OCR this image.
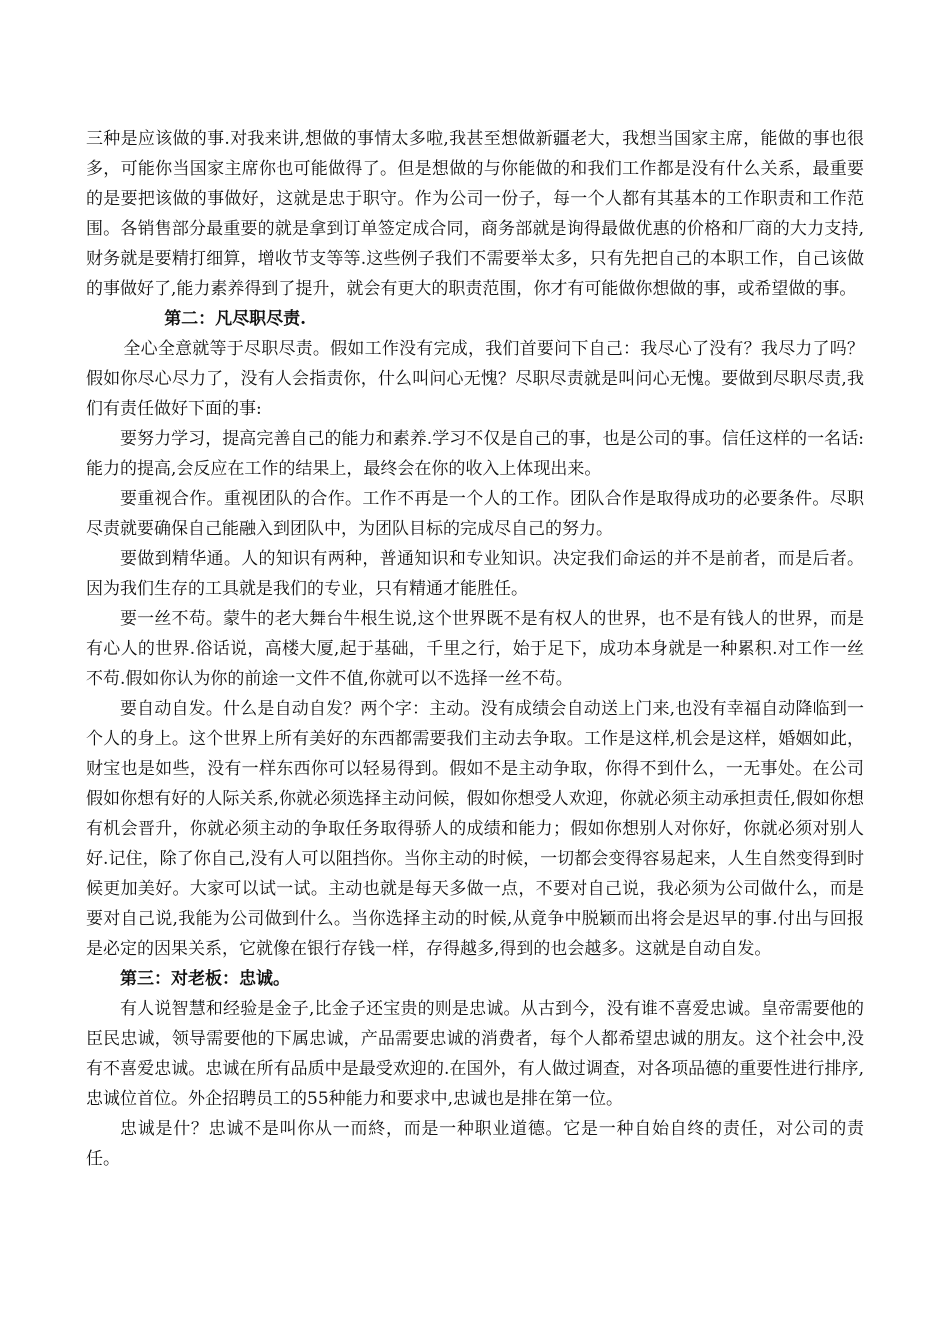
三种是应该做的事.对我来讲,想做的事情太多啦,我甚至想做新疆老大，我想当国家主席，能做的事也很多，可能你当国家主席你也可能做得了。但是想做的与你能做的和我们工作都是没有什么关系，最重要的是要把该做的事做好，这就是忠于职守。作为公司一份子，每一个人都有其基本的工作职责和工作范围。各销售部分最重要的就是拿到订单签定成合同，商务部就是询得最做优惠的价格和厂商的大力支持,财务就是要精打细算，增收节支等等.这些例子我们不需要举太多，只有先把自己的本职工作，自己该做的事做好了,能力素养得到了提升，就会有更大的职责范围，你才有可能做你想做的事，或希望做的事。

第二：凡尽职尽责.

全心全意就等于尽职尽责。假如工作没有完成，我们首要问下自己：我尽心了没有？我尽力了吗？假如你尽心尽力了，没有人会指责你，什么叫问心无愧？尽职尽责就是叫问心无愧。要做到尽职尽责,我们有责任做好下面的事:

要努力学习，提高完善自己的能力和素养.学习不仅是自己的事，也是公司的事。信任这样的一名话:能力的提高,会反应在工作的结果上，最终会在你的收入上体现出来。

要重视合作。重视团队的合作。工作不再是一个人的工作。团队合作是取得成功的必要条件。尽职尽责就要确保自己能融入到团队中，为团队目标的完成尽自己的努力。

要做到精华通。人的知识有两种，普通知识和专业知识。决定我们命运的并不是前者，而是后者。因为我们生存的工具就是我们的专业，只有精通才能胜任。

要一丝不苟。蒙牛的老大舞台牛根生说,这个世界既不是有权人的世界，也不是有钱人的世界，而是有心人的世界.俗话说，高楼大厦,起于基础，千里之行，始于足下，成功本身就是一种累积.对工作一丝不苟.假如你认为你的前途一文件不值,你就可以不选择一丝不苟。

要自动自发。什么是自动自发？两个字：主动。没有成绩会自动送上门来,也没有幸福自动降临到一个人的身上。这个世界上所有美好的东西都需要我们主动去争取。工作是这样,机会是这样，婚姻如此，财宝也是如些，没有一样东西你可以轻易得到。假如不是主动争取，你得不到什么，一无事处。在公司假如你想有好的人际关系,你就必须选择主动问候，假如你想受人欢迎，你就必须主动承担责任,假如你想有机会晋升，你就必须主动的争取任务取得骄人的成绩和能力；假如你想别人对你好，你就必须对别人好.记住，除了你自己,没有人可以阻挡你。当你主动的时候，一切都会变得容易起来，人生自然变得到时候更加美好。大家可以试一试。主动也就是每天多做一点，不要对自己说，我必须为公司做什么，而是要对自己说,我能为公司做到什么。当你选择主动的时候,从竟争中脱颖而出将会是迟早的事.付出与回报是必定的因果关系，它就像在银行存钱一样，存得越多,得到的也会越多。这就是自动自发。

第三：对老板：忠诚。

有人说智慧和经验是金子,比金子还宝贵的则是忠诚。从古到今，没有谁不喜爱忠诚。皇帝需要他的臣民忠诚，领导需要他的下属忠诚，产品需要忠诚的消费者，每个人都希望忠诚的朋友。这个社会中,没有不喜爱忠诚。忠诚在所有品质中是最受欢迎的.在国外，有人做过调查，对各项品德的重要性进行排序,忠诚位首位。外企招聘员工的55种能力和要求中,忠诚也是排在第一位。

忠诚是什？忠诚不是叫你从一而終，而是一种职业道德。它是一种自始自终的责任，对公司的责任。
